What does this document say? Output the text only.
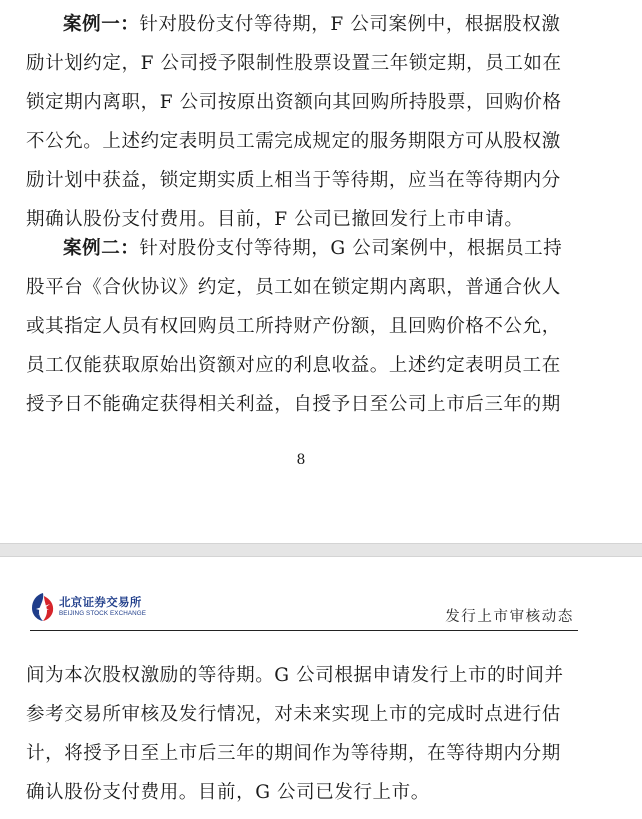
案例一：针对股份支付等待期，F 公司案例中，根据股权激
励计划约定，F 公司授予限制性股票设置三年锁定期，员工如在
锁定期内离职，F 公司按原出资额向其回购所持股票，回购价格
不公允。上述约定表明员工需完成规定的服务期限方可从股权激
励计划中获益，锁定期实质上相当于等待期，应当在等待期内分
期确认股份支付费用。目前，F 公司已撤回发行上市申请。
案例二：针对股份支付等待期，G 公司案例中，根据员工持
股平台《合伙协议》约定，员工如在锁定期内离职，普通合伙人
或其指定人员有权回购员工所持财产份额，且回购价格不公允，
员工仅能获取原始出资额对应的利息收益。上述约定表明员工在
授予日不能确定获得相关利益，自授予日至公司上市后三年的期
8
北京证券交易所
BEIJING STOCK EXCHANGE	发行上市审核动态
间为本次股权激励的等待期。G 公司根据申请发行上市的时间并
参考交易所审核及发行情况，对未来实现上市的完成时点进行估
计，将授予日至上市后三年的期间作为等待期，在等待期内分期
确认股份支付费用。目前，G 公司已发行上市。
